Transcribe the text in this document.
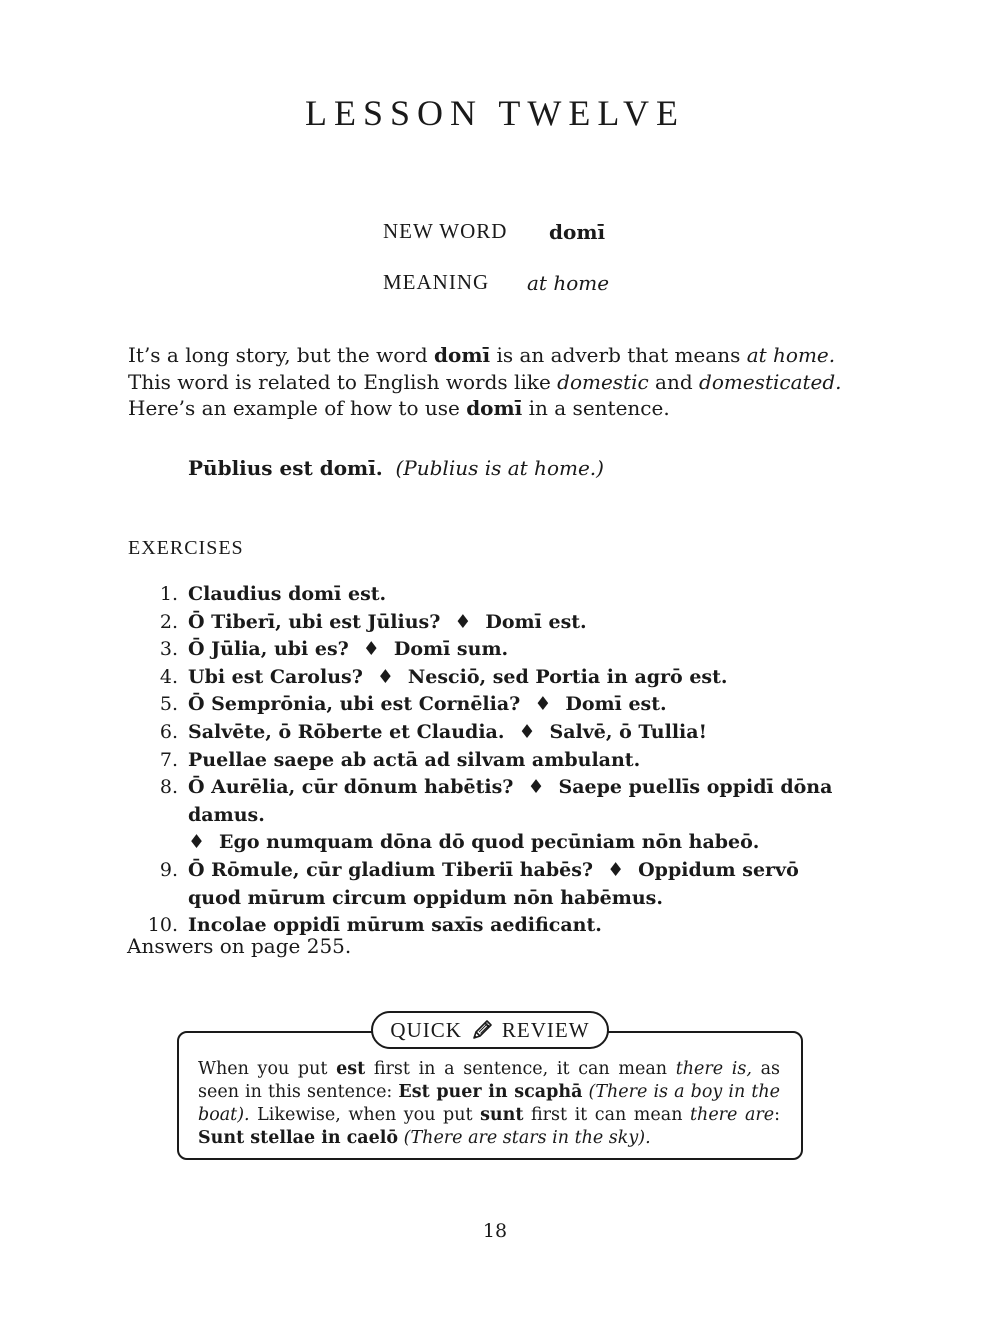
LESSON TWELVE
NEW WORD domī
MEANING at home
It’s a long story, but the word domī is an adverb that means at home. This word is related to English words like domestic and domesticated. Here’s an example of how to use domī in a sentence.
Pūblius est domī. (Publius is at home.)
EXERCISES
1. Claudius domī est.
2. Ō Tiberī, ubi est Jūlius? ♦ Domī est.
3. Ō Jūlia, ubi es? ♦ Domī sum.
4. Ubi est Carolus? ♦ Nesciō, sed Portia in agrō est.
5. Ō Semprōnia, ubi est Cornēlia? ♦ Domī est.
6. Salvēte, ō Rōberte et Claudia. ♦ Salvē, ō Tullia!
7. Puellae saepe ab actā ad silvam ambulant.
8. Ō Aurēlia, cūr dōnum habētis? ♦ Saepe puellīs oppidī dōna damus.
♦ Ego numquam dōna dō quod pecūniam nōn habeō.
9. Ō Rōmule, cūr gladium Tiberiī habēs? ♦ Oppidum servō quod mūrum circum oppidum nōn habēmus.
10. Incolae oppidī mūrum saxīs aedificant.
Answers on page 255.
QUICK REVIEW
When you put est first in a sentence, it can mean there is, as seen in this sentence: Est puer in scaphā (There is a boy in the boat). Likewise, when you put sunt first it can mean there are: Sunt stellae in caelō (There are stars in the sky).
18
